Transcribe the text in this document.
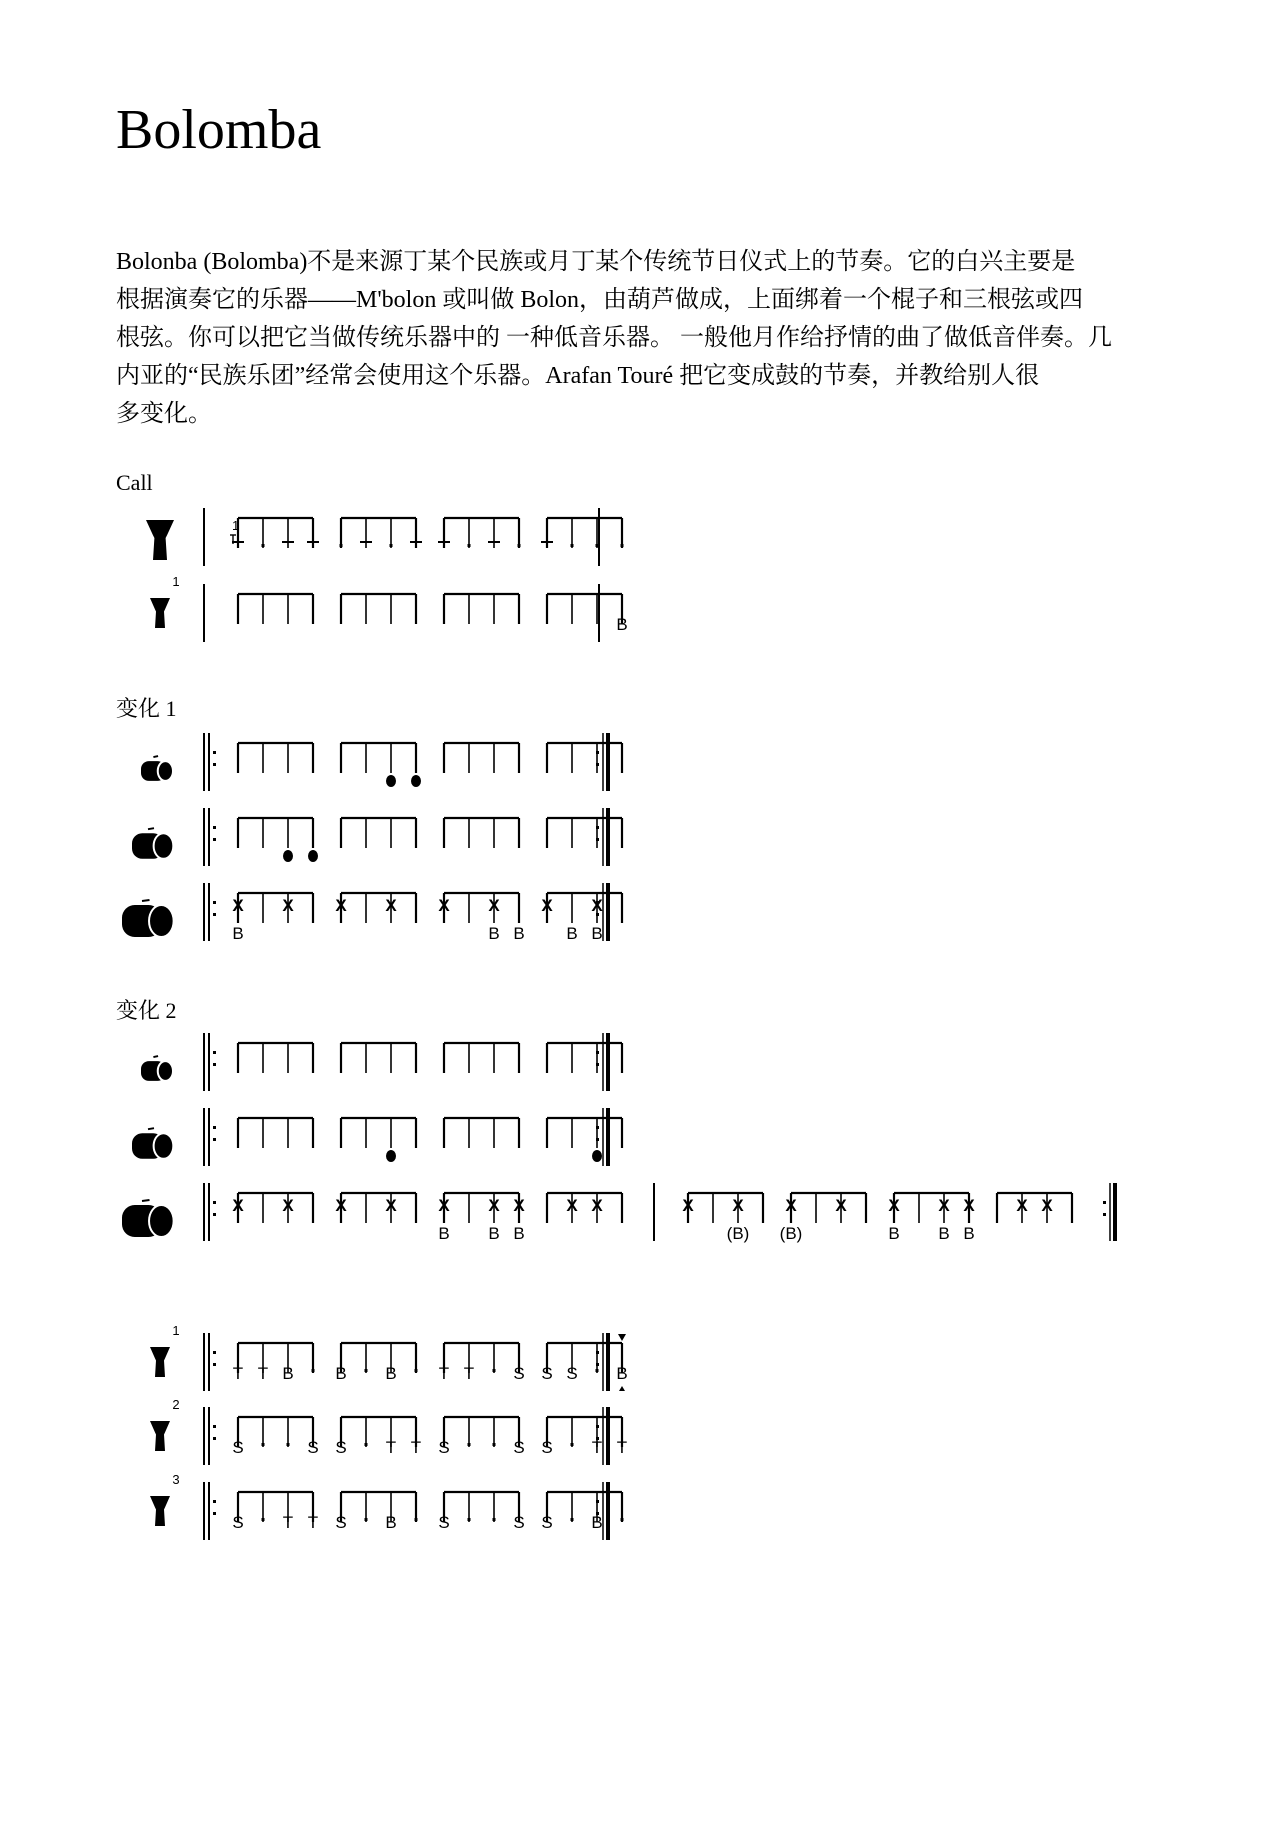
Bolomba
Bolonba (Bolomba)不是来源丁某个民族或月丁某个传统节日仪式上的节奏。它的白兴主要是
根据演奏它的乐器——M'bolon 或叫做 Bolon，由葫芦做成，上面绑着一个棍子和三根弦或四
根弦。你可以把它当做传统乐器中的 一种低音乐器。 一般他月作给抒情的曲了做低音伴奏。几
内亚的“民族乐团”经常会使用这个乐器。Arafan Touré 把它变成鼓的节奏，并教给别人很
多变化。
Call
变化 1
变化 2
1
1
B
X
B
X X X X X
B B
X
B
X
B
X X X X X
B
X
B
X
B
X X	X X
(B)
X
(B)
X X
B
X
B
X
B
X X
1
T T B B B T T S S S B
2
S	S S T T S	S S T T
3
S T T S B S	S S B
